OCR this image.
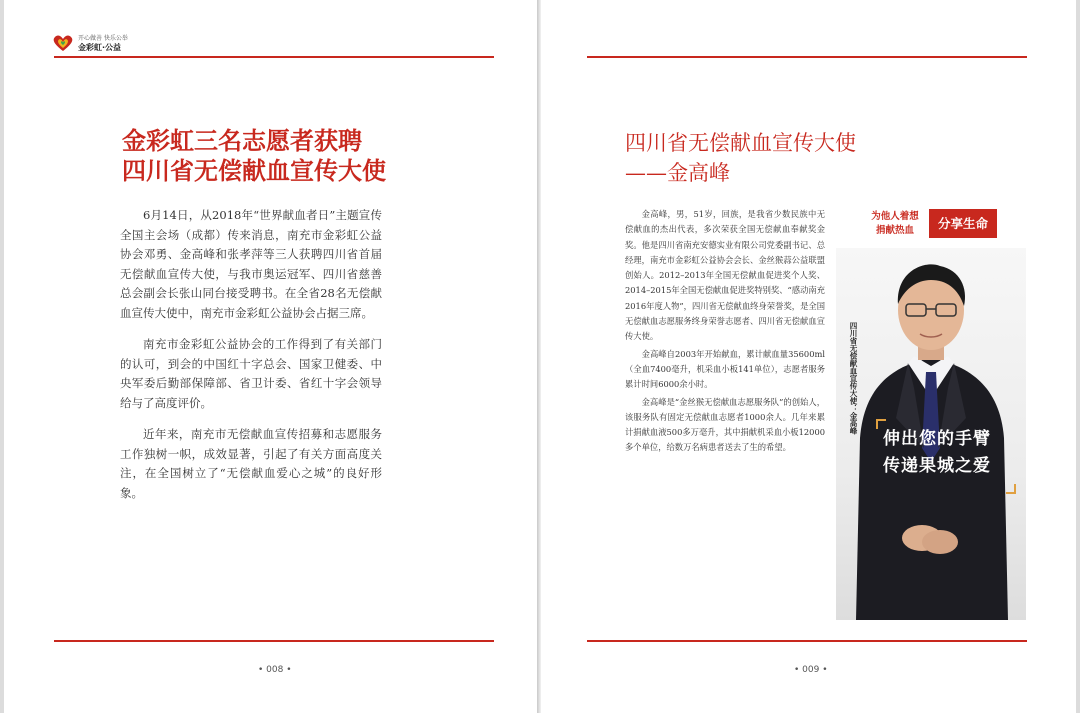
开心做善 快乐公举
金彩虹·公益
金彩虹三名志愿者获聘
四川省无偿献血宣传大使

6月14日，从2018年“世界献血者日”主题宣传全国主会场（成都）传来消息，南充市金彩虹公益协会邓勇、金高峰和张孝萍等三人获聘四川省首届无偿献血宣传大使，与我市奥运冠军、四川省慈善总会副会长张山同台接受聘书。在全省28名无偿献血宣传大使中，南充市金彩虹公益协会占据三席。

南充市金彩虹公益协会的工作得到了有关部门的认可，到会的中国红十字总会、国家卫健委、中央军委后勤部保障部、省卫计委、省红十字会领导给与了高度评价。

近年来，南充市无偿献血宣传招募和志愿服务工作独树一帜，成效显著，引起了有关方面高度关注，在全国树立了“无偿献血爱心之城”的良好形象。

• 008 •
四川省无偿献血宣传大使
——金高峰

金高峰，男，51岁，回族，是我省少数民族中无偿献血的杰出代表，多次荣获全国无偿献血奉献奖金奖。他是四川省南充安德实业有限公司党委副书记、总经理，南充市金彩虹公益协会会长、金丝猴蒜公益联盟创始人。2012–2013年全国无偿献血促进奖个人奖、2014–2015年全国无偿献血促进奖特别奖、“感动南充2016年度人物”，四川省无偿献血终身荣誉奖，是全国无偿献血志愿服务终身荣誉志愿者、四川省无偿献血宣传大使。

金高峰自2003年开始献血，累计献血量35600ml（全血7400毫升，机采血小板141单位），志愿者服务累计时间6000余小时。

金高峰是“金丝猴无偿献血志愿服务队”的创始人，该服务队有固定无偿献血志愿者1000余人。几年来累计捐献血液500多万毫升，其中捐献机采血小板12000多个单位，给数万名病患者送去了生的希望。

为他人着想
捐献热血	分享生命
四川省无偿献血宣传大使：金高峰
伸出您的手臂
传递果城之爱
• 009 •
